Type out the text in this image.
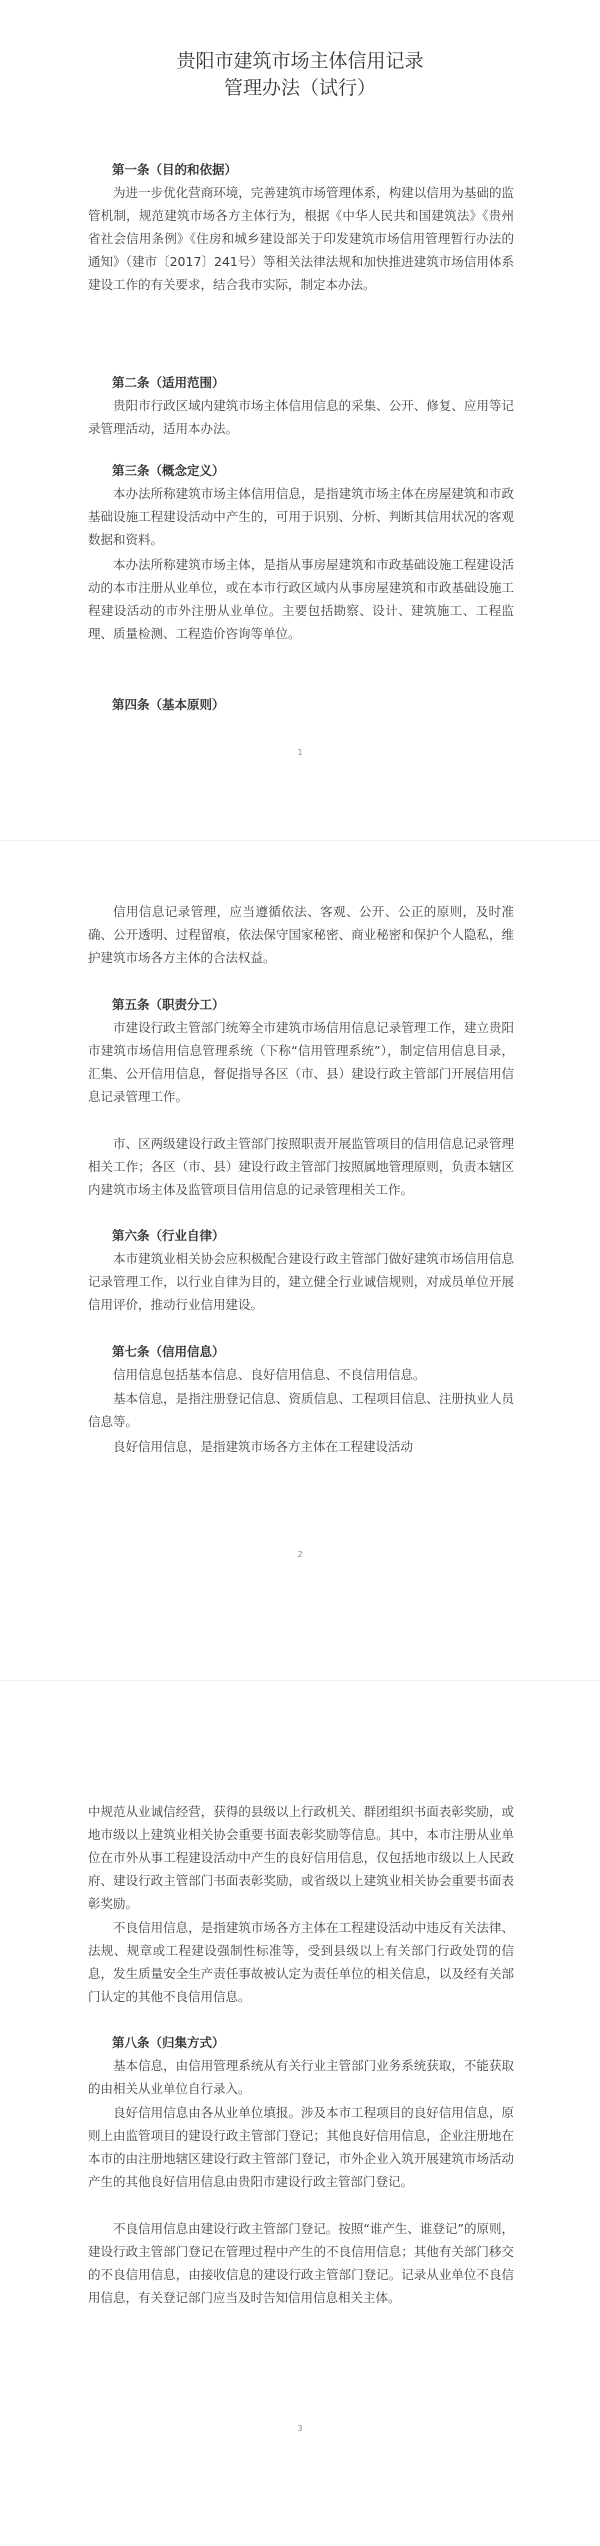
贵阳市建筑市场主体信用记录
管理办法（试行）
第一条（目的和依据）

为进一步优化营商环境，完善建筑市场管理体系，构建以信用为基础的监管机制，规范建筑市场各方主体行为，根据《中华人民共和国建筑法》《贵州省社会信用条例》《住房和城乡建设部关于印发建筑市场信用管理暂行办法的通知》（建市〔2017〕241号）等相关法律法规和加快推进建筑市场信用体系建设工作的有关要求，结合我市实际，制定本办法。

第二条（适用范围）

贵阳市行政区域内建筑市场主体信用信息的采集、公开、修复、应用等记录管理活动，适用本办法。

第三条（概念定义）

本办法所称建筑市场主体信用信息，是指建筑市场主体在房屋建筑和市政基础设施工程建设活动中产生的，可用于识别、分析、判断其信用状况的客观数据和资料。

本办法所称建筑市场主体，是指从事房屋建筑和市政基础设施工程建设活动的本市注册从业单位，或在本市行政区域内从事房屋建筑和市政基础设施工程建设活动的市外注册从业单位。主要包括勘察、设计、建筑施工、工程监理、质量检测、工程造价咨询等单位。

第四条（基本原则）
1

信用信息记录管理，应当遵循依法、客观、公开、公正的原则，及时准确、公开透明、过程留痕，依法保守国家秘密、商业秘密和保护个人隐私，维护建筑市场各方主体的合法权益。

第五条（职责分工）

市建设行政主管部门统筹全市建筑市场信用信息记录管理工作，建立贵阳市建筑市场信用信息管理系统（下称“信用管理系统”），制定信用信息目录，汇集、公开信用信息，督促指导各区（市、县）建设行政主管部门开展信用信息记录管理工作。

市、区两级建设行政主管部门按照职责开展监管项目的信用信息记录管理相关工作；各区（市、县）建设行政主管部门按照属地管理原则，负责本辖区内建筑市场主体及监管项目信用信息的记录管理相关工作。

第六条（行业自律）

本市建筑业相关协会应积极配合建设行政主管部门做好建筑市场信用信息记录管理工作，以行业自律为目的，建立健全行业诚信规则，对成员单位开展信用评价，推动行业信用建设。

第七条（信用信息）

信用信息包括基本信息、良好信用信息、不良信用信息。

基本信息，是指注册登记信息、资质信息、工程项目信息、注册执业人员信息等。

良好信用信息，是指建筑市场各方主体在工程建设活动

2

中规范从业诚信经营，获得的县级以上行政机关、群团组织书面表彰奖励，或地市级以上建筑业相关协会重要书面表彰奖励等信息。其中，本市注册从业单位在市外从事工程建设活动中产生的良好信用信息，仅包括地市级以上人民政府、建设行政主管部门书面表彰奖励，或省级以上建筑业相关协会重要书面表彰奖励。

不良信用信息，是指建筑市场各方主体在工程建设活动中违反有关法律、法规、规章或工程建设强制性标准等，受到县级以上有关部门行政处罚的信息，发生质量安全生产责任事故被认定为责任单位的相关信息，以及经有关部门认定的其他不良信用信息。

第八条（归集方式）

基本信息，由信用管理系统从有关行业主管部门业务系统获取，不能获取的由相关从业单位自行录入。

良好信用信息由各从业单位填报。涉及本市工程项目的良好信用信息，原则上由监管项目的建设行政主管部门登记；其他良好信用信息，企业注册地在本市的由注册地辖区建设行政主管部门登记，市外企业入筑开展建筑市场活动产生的其他良好信用信息由贵阳市建设行政主管部门登记。

不良信用信息由建设行政主管部门登记。按照“谁产生、谁登记”的原则，建设行政主管部门登记在管理过程中产生的不良信用信息；其他有关部门移交的不良信用信息，由接收信息的建设行政主管部门登记。记录从业单位不良信用信息，有关登记部门应当及时告知信用信息相关主体。

3
